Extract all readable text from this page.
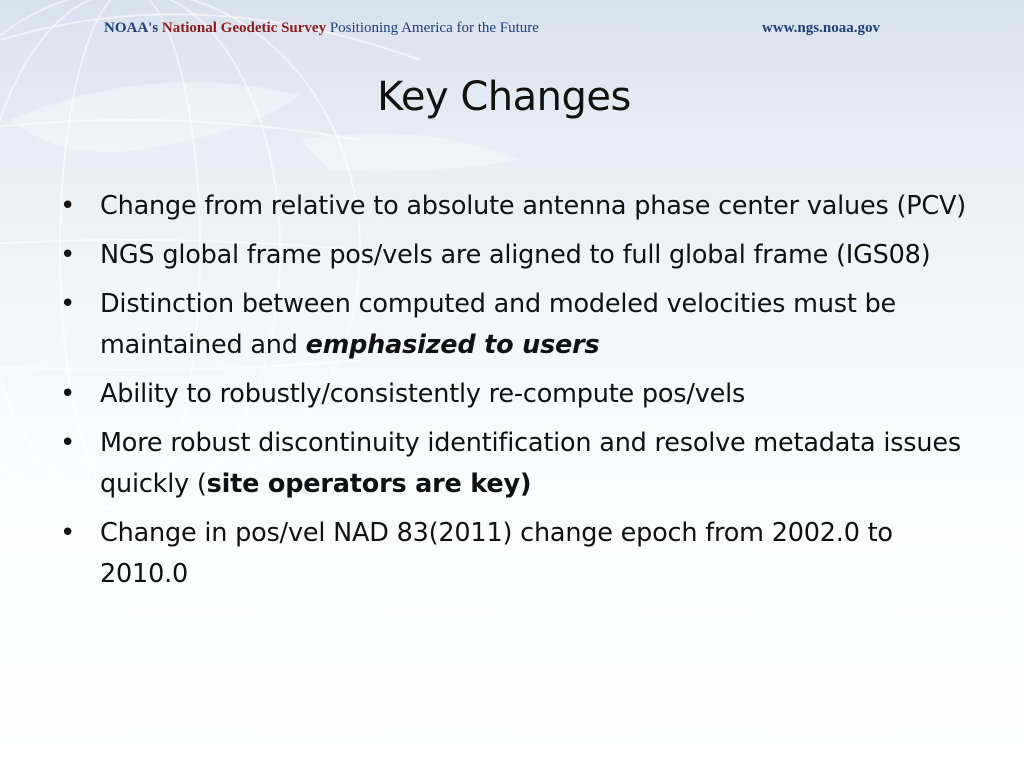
NOAA's National Geodetic Survey Positioning America for the Future	www.ngs.noaa.gov
Key Changes
• Change from relative to absolute antenna phase center values (PCV)
• NGS global frame pos/vels are aligned to full global frame (IGS08)
• Distinction between computed and modeled velocities must be maintained and emphasized to users
• Ability to robustly/consistently re-compute pos/vels
• More robust discontinuity identification and resolve metadata issues quickly (site operators are key)
• Change in pos/vel NAD 83(2011) change epoch from 2002.0 to 2010.0
